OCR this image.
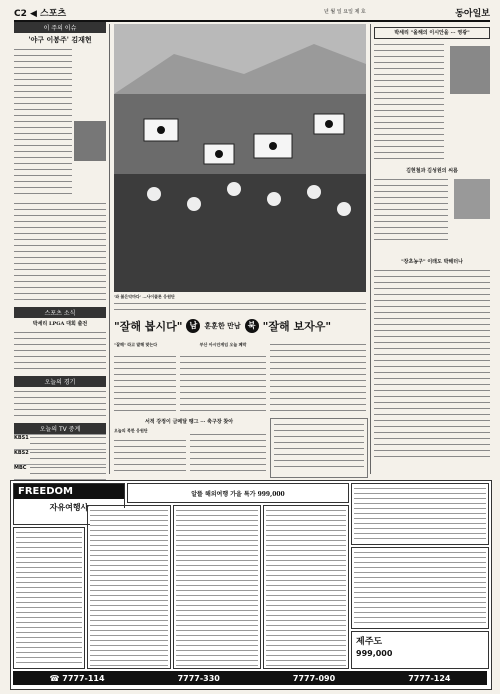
C2 ◀ 스포츠	년 월 일 요일 제 호	동아일보
이 주의 이슈
'야구 이봉주' 김재현
스포츠 소식
박세리 LPGA 대회 출전
오늘의 경기
오늘의 TV 중계
KBS1
KBS2
MBC
'와 붉은악마다' …사이클론 응원단
"잘해 봅시다" 남	훈훈한 만남 북 "잘해 보자우"
"잘해" 라고 말해 맞는다	부산 아시안게임 오늘 폐막
서적 강정이 금메달 땡그 ··· 축구장 찾아
오늘의 북한 응원단
박세리 "올해의 이시안을 ··· 영광"
김현철과 김성원의 씨름
"장초농구" 이래도 박해터나
FREEDOM
자유여행사
알뜰 해외여행 가을 특가 999,000
제주도
999,000
☎ 7777-114	7777-330	7777-090	7777-124
